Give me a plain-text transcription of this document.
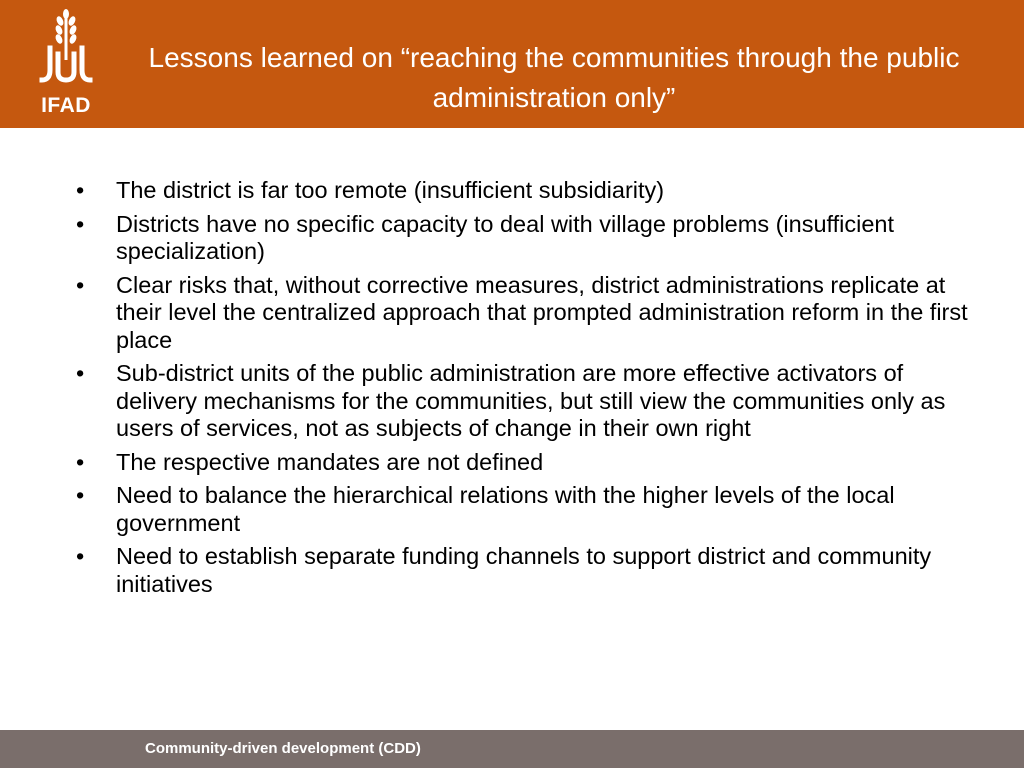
IFAD
Lessons learned on “reaching the communities through the public administration only”
• The district is far too remote (insufficient subsidiarity)
• Districts have no specific capacity to deal with village problems (insufficient specialization)
• Clear risks that, without corrective measures, district administrations replicate at their level the centralized approach that prompted administration reform in the first place
• Sub-district units of the public administration are more effective activators of delivery mechanisms for the communities, but still view the communities only as users of services, not as subjects of change in their own right
• The respective mandates are not defined
• Need to balance the hierarchical relations with the higher levels of the local government
• Need to establish separate funding channels to support district and community initiatives
Community-driven development (CDD)
